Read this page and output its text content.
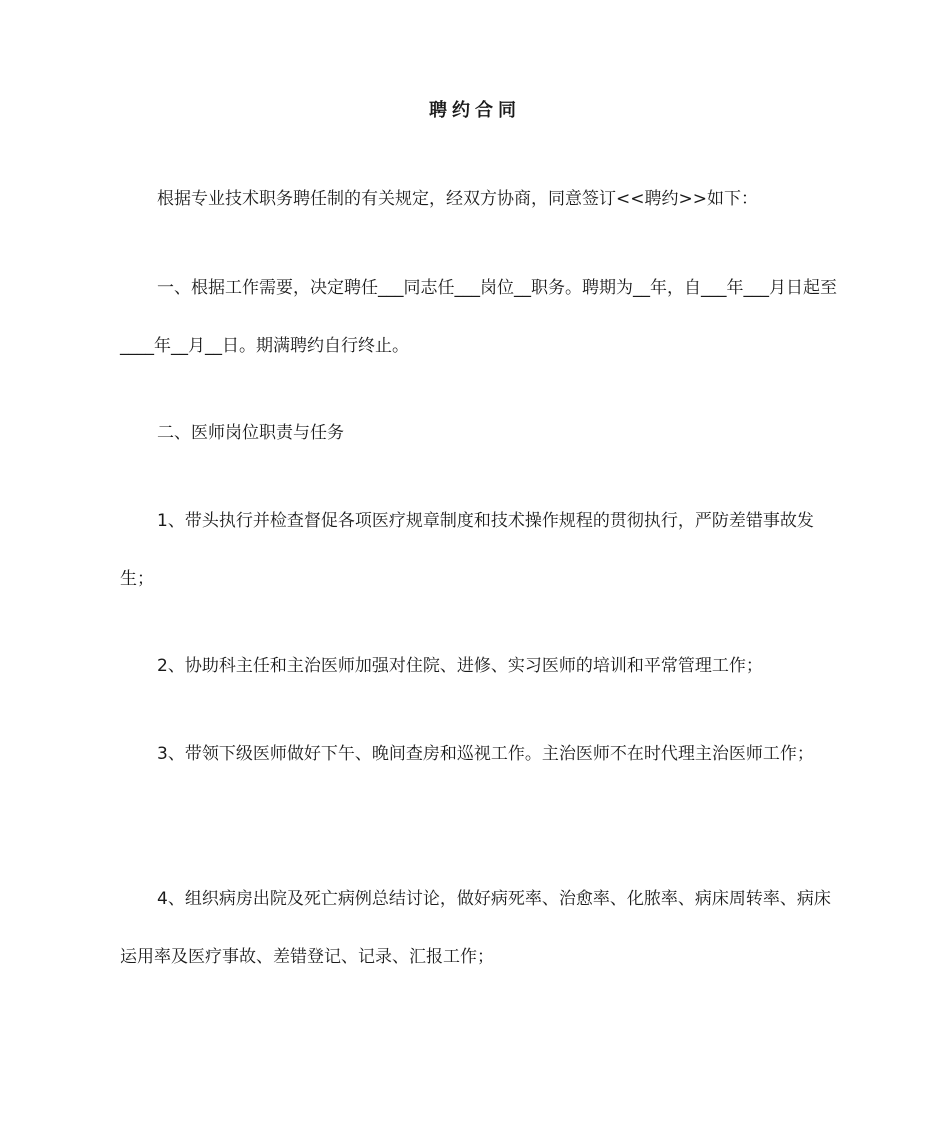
聘约合同

根据专业技术职务聘任制的有关规定，经双方协商，同意签订<<聘约>>如下：

一、根据工作需要，决定聘任___同志任___岗位__职务。聘期为__年，自___年___月日起至____年__月__日。期满聘约自行终止。

二、医师岗位职责与任务

1、带头执行并检查督促各项医疗规章制度和技术操作规程的贯彻执行，严防差错事故发生；

2、协助科主任和主治医师加强对住院、进修、实习医师的培训和平常管理工作；

3、带领下级医师做好下午、晚间查房和巡视工作。主治医师不在时代理主治医师工作；

4、组织病房出院及死亡病例总结讨论，做好病死率、治愈率、化脓率、病床周转率、病床运用率及医疗事故、差错登记、记录、汇报工作；
